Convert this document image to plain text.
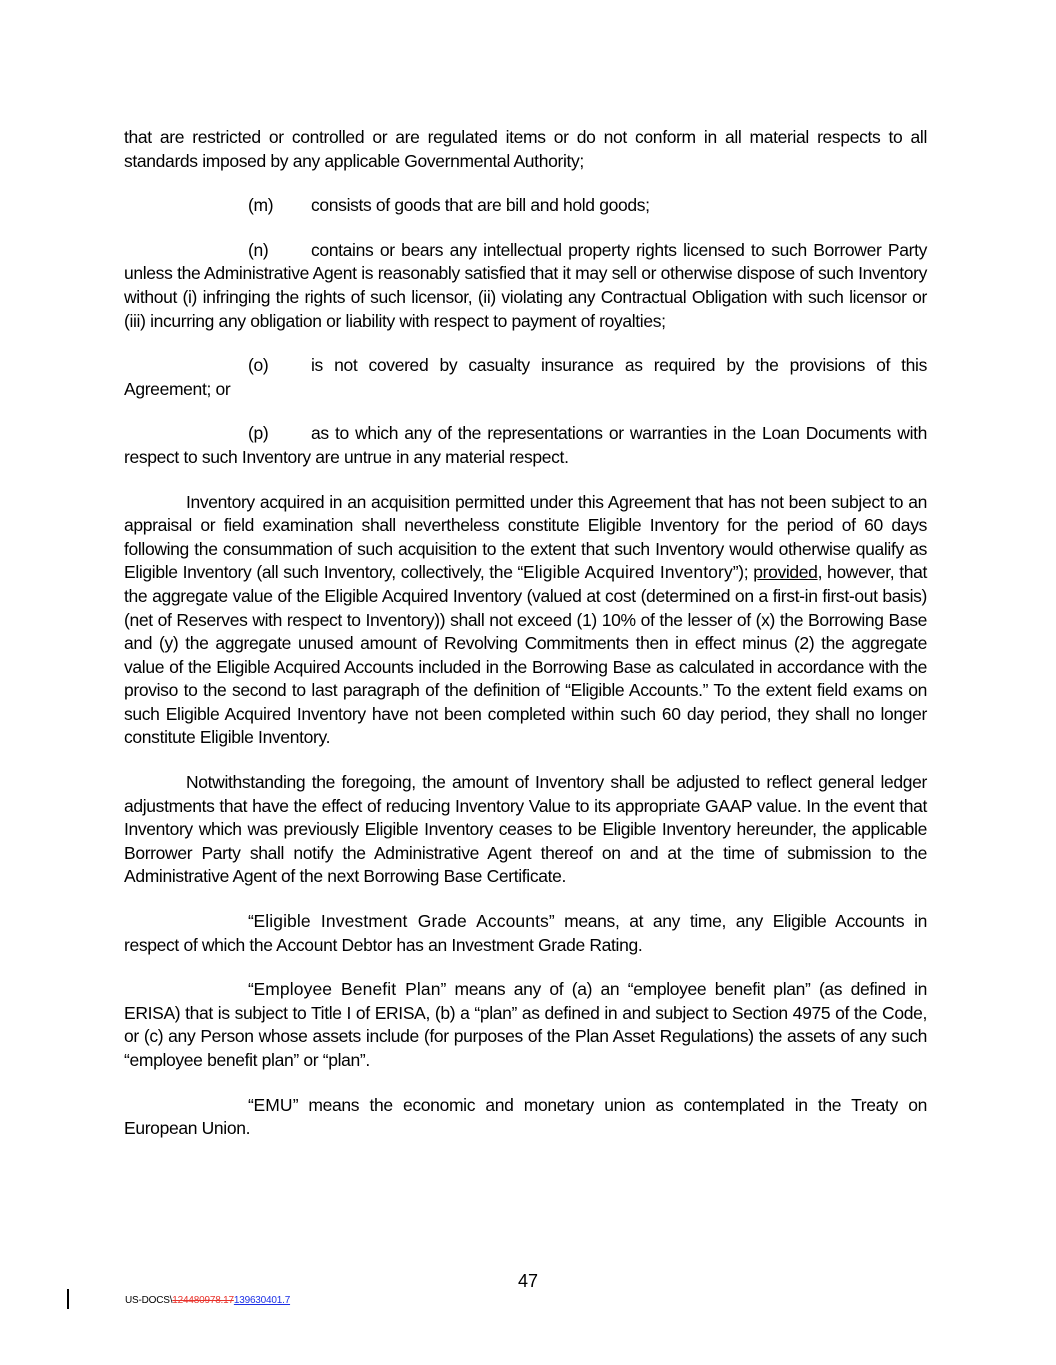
that are restricted or controlled or are regulated items or do not conform in all material respects to all standards imposed by any applicable Governmental Authority;

(m) consists of goods that are bill and hold goods;

(n) contains or bears any intellectual property rights licensed to such Borrower Party unless the Administrative Agent is reasonably satisfied that it may sell or otherwise dispose of such Inventory without (i) infringing the rights of such licensor, (ii) violating any Contractual Obligation with such licensor or (iii) incurring any obligation or liability with respect to payment of royalties;

(o) is not covered by casualty insurance as required by the provisions of this Agreement; or

(p) as to which any of the representations or warranties in the Loan Documents with respect to such Inventory are untrue in any material respect.

Inventory acquired in an acquisition permitted under this Agreement that has not been subject to an appraisal or field examination shall nevertheless constitute Eligible Inventory for the period of 60 days following the consummation of such acquisition to the extent that such Inventory would otherwise qualify as Eligible Inventory (all such Inventory, collectively, the “Eligible Acquired Inventory”); provided, however, that the aggregate value of the Eligible Acquired Inventory (valued at cost (determined on a first-in first-out basis) (net of Reserves with respect to Inventory)) shall not exceed (1) 10% of the lesser of (x) the Borrowing Base and (y) the aggregate unused amount of Revolving Commitments then in effect minus (2) the aggregate value of the Eligible Acquired Accounts included in the Borrowing Base as calculated in accordance with the proviso to the second to last paragraph of the definition of “Eligible Accounts.” To the extent field exams on such Eligible Acquired Inventory have not been completed within such 60 day period, they shall no longer constitute Eligible Inventory.

Notwithstanding the foregoing, the amount of Inventory shall be adjusted to reflect general ledger adjustments that have the effect of reducing Inventory Value to its appropriate GAAP value. In the event that Inventory which was previously Eligible Inventory ceases to be Eligible Inventory hereunder, the applicable Borrower Party shall notify the Administrative Agent thereof on and at the time of submission to the Administrative Agent of the next Borrowing Base Certificate.

“Eligible Investment Grade Accounts” means, at any time, any Eligible Accounts in respect of which the Account Debtor has an Investment Grade Rating.

“Employee Benefit Plan” means any of (a) an “employee benefit plan” (as defined in ERISA) that is subject to Title I of ERISA, (b) a “plan” as defined in and subject to Section 4975 of the Code, or (c) any Person whose assets include (for purposes of the Plan Asset Regulations) the assets of any such “employee benefit plan” or “plan”.

“EMU” means the economic and monetary union as contemplated in the Treaty on European Union.

47
US-DOCS\124480978.17139630401.7
